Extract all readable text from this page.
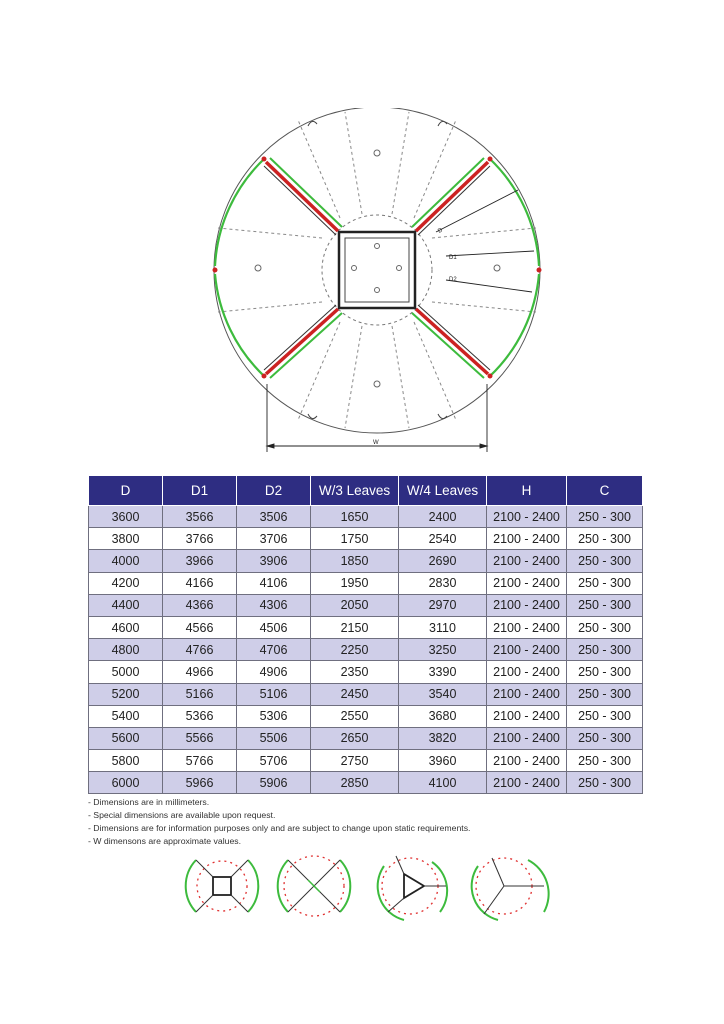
D
D1
D2
W
D	D1	D2	W/3 Leaves	W/4 Leaves	H	C
3600	3566	3506	1650	2400	2100 - 2400	250 - 300
3800	3766	3706	1750	2540	2100 - 2400	250 - 300
4000	3966	3906	1850	2690	2100 - 2400	250 - 300
4200	4166	4106	1950	2830	2100 - 2400	250 - 300
4400	4366	4306	2050	2970	2100 - 2400	250 - 300
4600	4566	4506	2150	3110	2100 - 2400	250 - 300
4800	4766	4706	2250	3250	2100 - 2400	250 - 300
5000	4966	4906	2350	3390	2100 - 2400	250 - 300
5200	5166	5106	2450	3540	2100 - 2400	250 - 300
5400	5366	5306	2550	3680	2100 - 2400	250 - 300
5600	5566	5506	2650	3820	2100 - 2400	250 - 300
5800	5766	5706	2750	3960	2100 - 2400	250 - 300
6000	5966	5906	2850	4100	2100 - 2400	250 - 300
- Dimensions are in millimeters.
- Special dimensions are available upon request.
- Dimensions are for information purposes only and are subject to change upon static requirements.
- W dimensons are approximate values.
